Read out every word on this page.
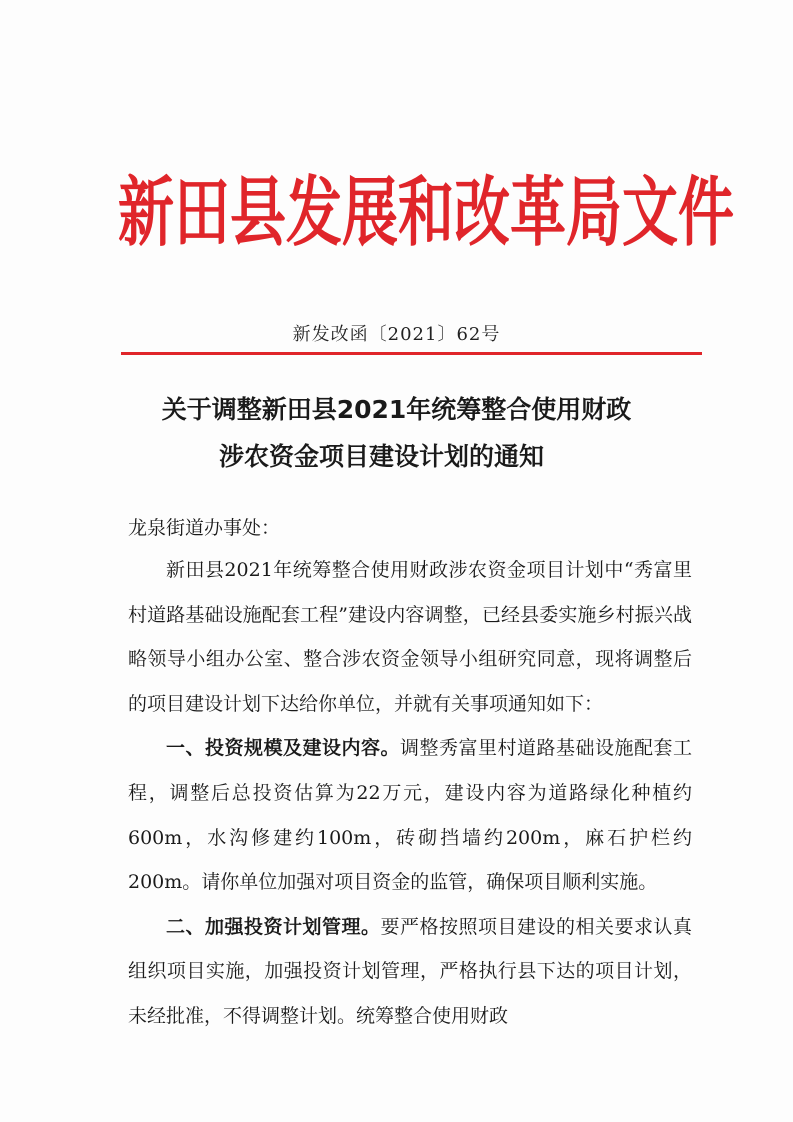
新 田 县 发 展 和 改 革 局 文 件
新发改函〔2021〕62号
关于调整新田县2021年统筹整合使用财政
涉农资金项目建设计划的通知
龙泉街道办事处：

新田县2021年统筹整合使用财政涉农资金项目计划中“秀富里村道路基础设施配套工程”建设内容调整，已经县委实施乡村振兴战略领导小组办公室、整合涉农资金领导小组研究同意，现将调整后的项目建设计划下达给你单位，并就有关事项通知如下：

一、投资规模及建设内容。调整秀富里村道路基础设施配套工程，调整后总投资估算为22万元，建设内容为道路绿化种植约600m，水沟修建约100m，砖砌挡墙约200m，麻石护栏约200m。请你单位加强对项目资金的监管，确保项目顺利实施。

二、加强投资计划管理。要严格按照项目建设的相关要求认真组织项目实施，加强投资计划管理，严格执行县下达的项目计划，未经批准，不得调整计划。统筹整合使用财政
